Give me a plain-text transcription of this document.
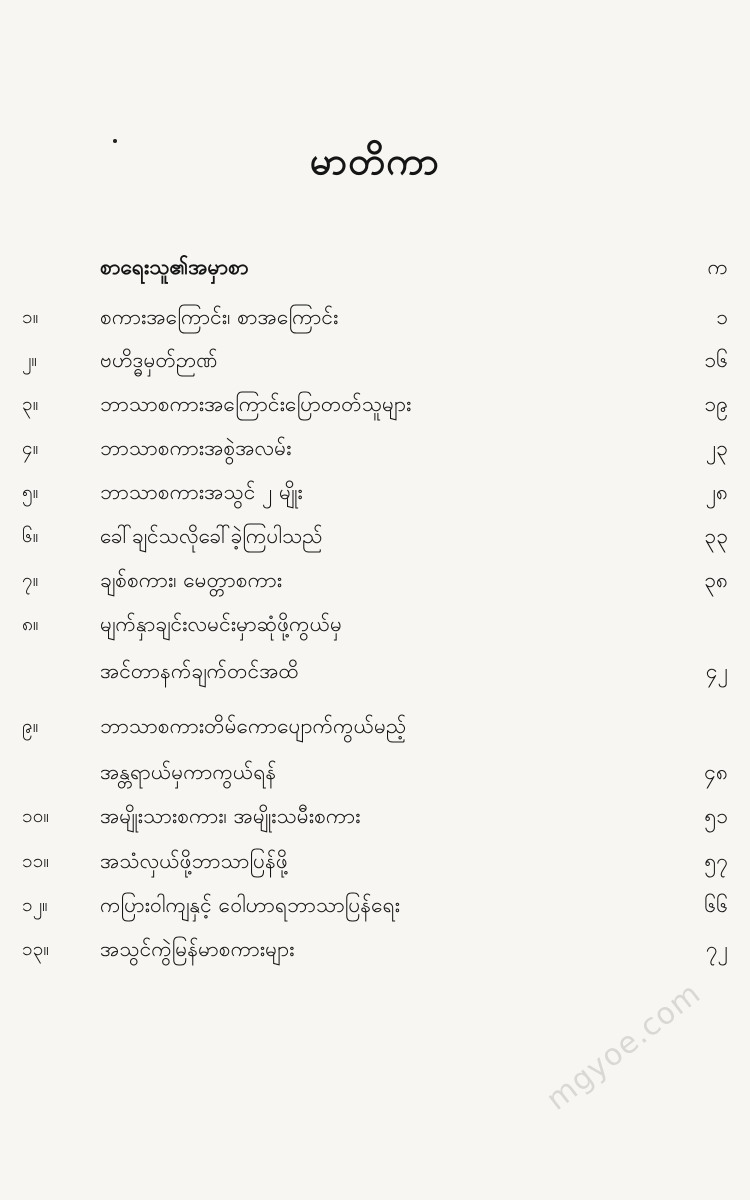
မာတိကာ
စာရေးသူ၏အမှာစာ	က
၁။	စကားအကြောင်း၊ စာအကြောင်း	၁
၂။	ဗဟိဒ္ဓမှတ်ဉာဏ်	၁၆
၃။	ဘာသာစကားအကြောင်းပြောတတ်သူများ	၁၉
၄။	ဘာသာစကားအစွဲအလမ်း	၂၃
၅။	ဘာသာစကားအသွင် ၂ မျိုး	၂၈
၆။	ခေါ်ချင်သလိုခေါ်ခဲ့ကြပါသည်	၃၃
၇။	ချစ်စကား၊ မေတ္တာစကား	၃၈
၈။	မျက်နှာချင်းလမင်းမှာဆုံဖို့ကွယ်မှ
အင်တာနက်ချက်တင်အထိ	၄၂
၉။	ဘာသာစကားတိမ်ကောပျောက်ကွယ်မည့်
အန္တရာယ်မှကာကွယ်ရန်	၄၈
၁၀။	အမျိုးသားစကား၊ အမျိုးသမီးစကား	၅၁
၁၁။	အသံလှယ်ဖို့ဘာသာပြန်ဖို့	၅၇
၁၂။	ကပြား၀ါကျနှင့် ၀ေါဟာရဘာသာပြန်ရေး	၆၆
၁၃။	အသွင်ကွဲမြန်မာစကားများ	၇၂
mgyoe.com
